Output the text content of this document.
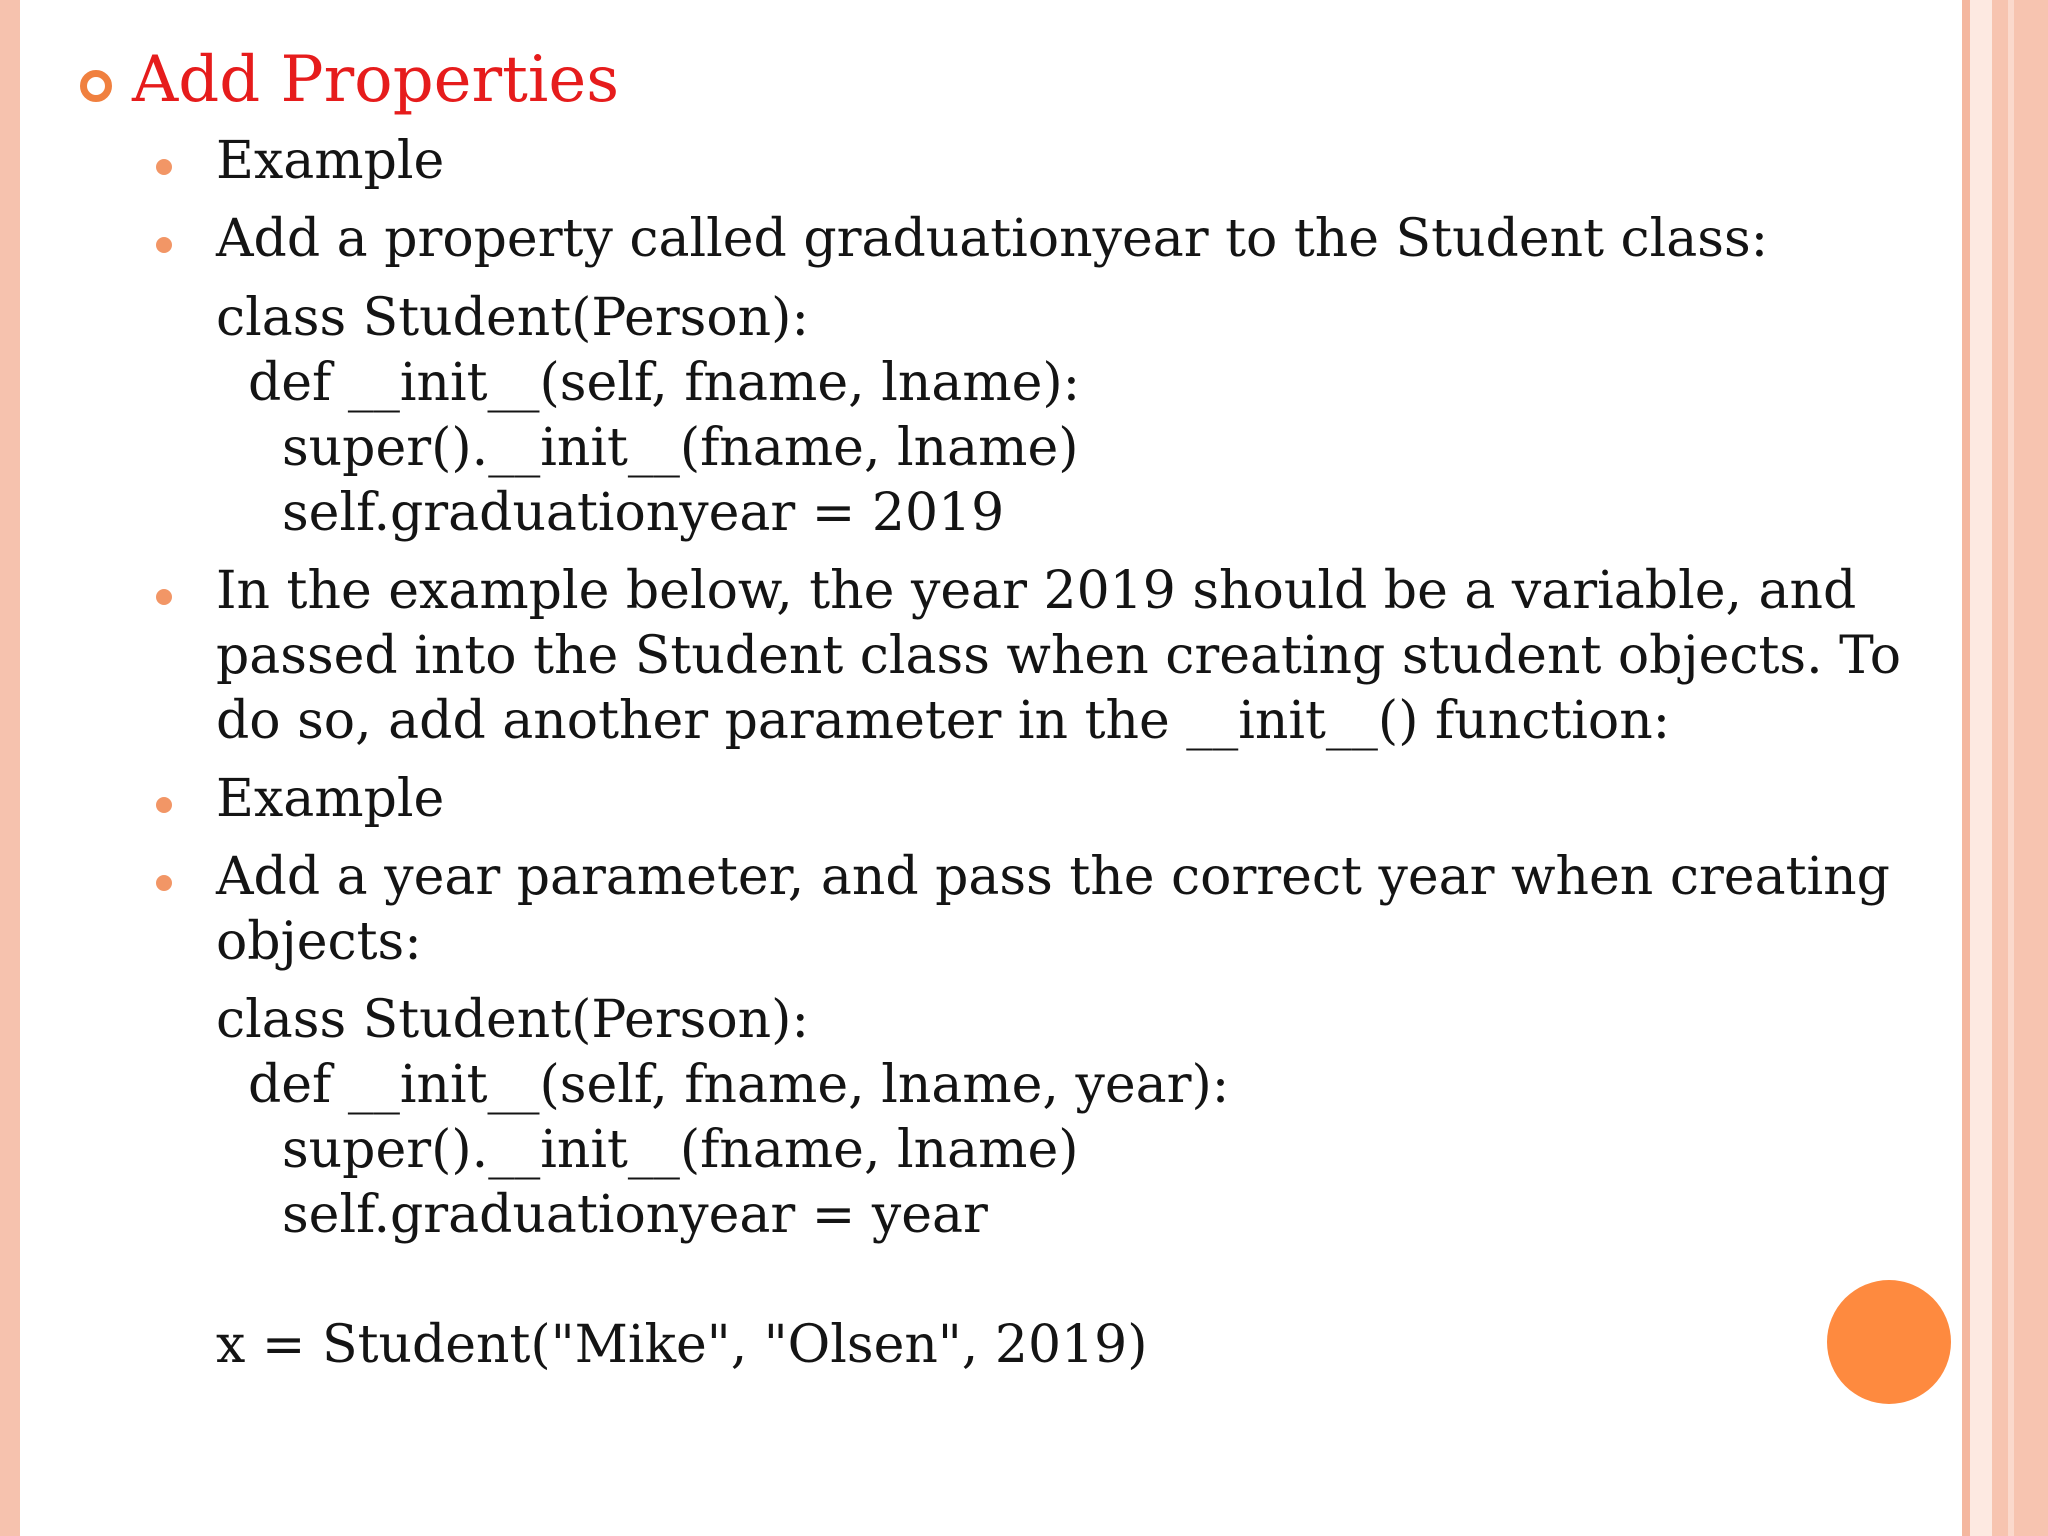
Add Properties
Example
Add a property called graduationyear to the Student class:
class Student(Person):
def __init__(self, fname, lname):
super().__init__(fname, lname)
self.graduationyear = 2019
In the example below, the year 2019 should be a variable, and
passed into the Student class when creating student objects. To
do so, add another parameter in the __init__() function:
Example
Add a year parameter, and pass the correct year when creating
objects:
class Student(Person):
def __init__(self, fname, lname, year):
super().__init__(fname, lname)
self.graduationyear = year
x = Student("Mike", "Olsen", 2019)
